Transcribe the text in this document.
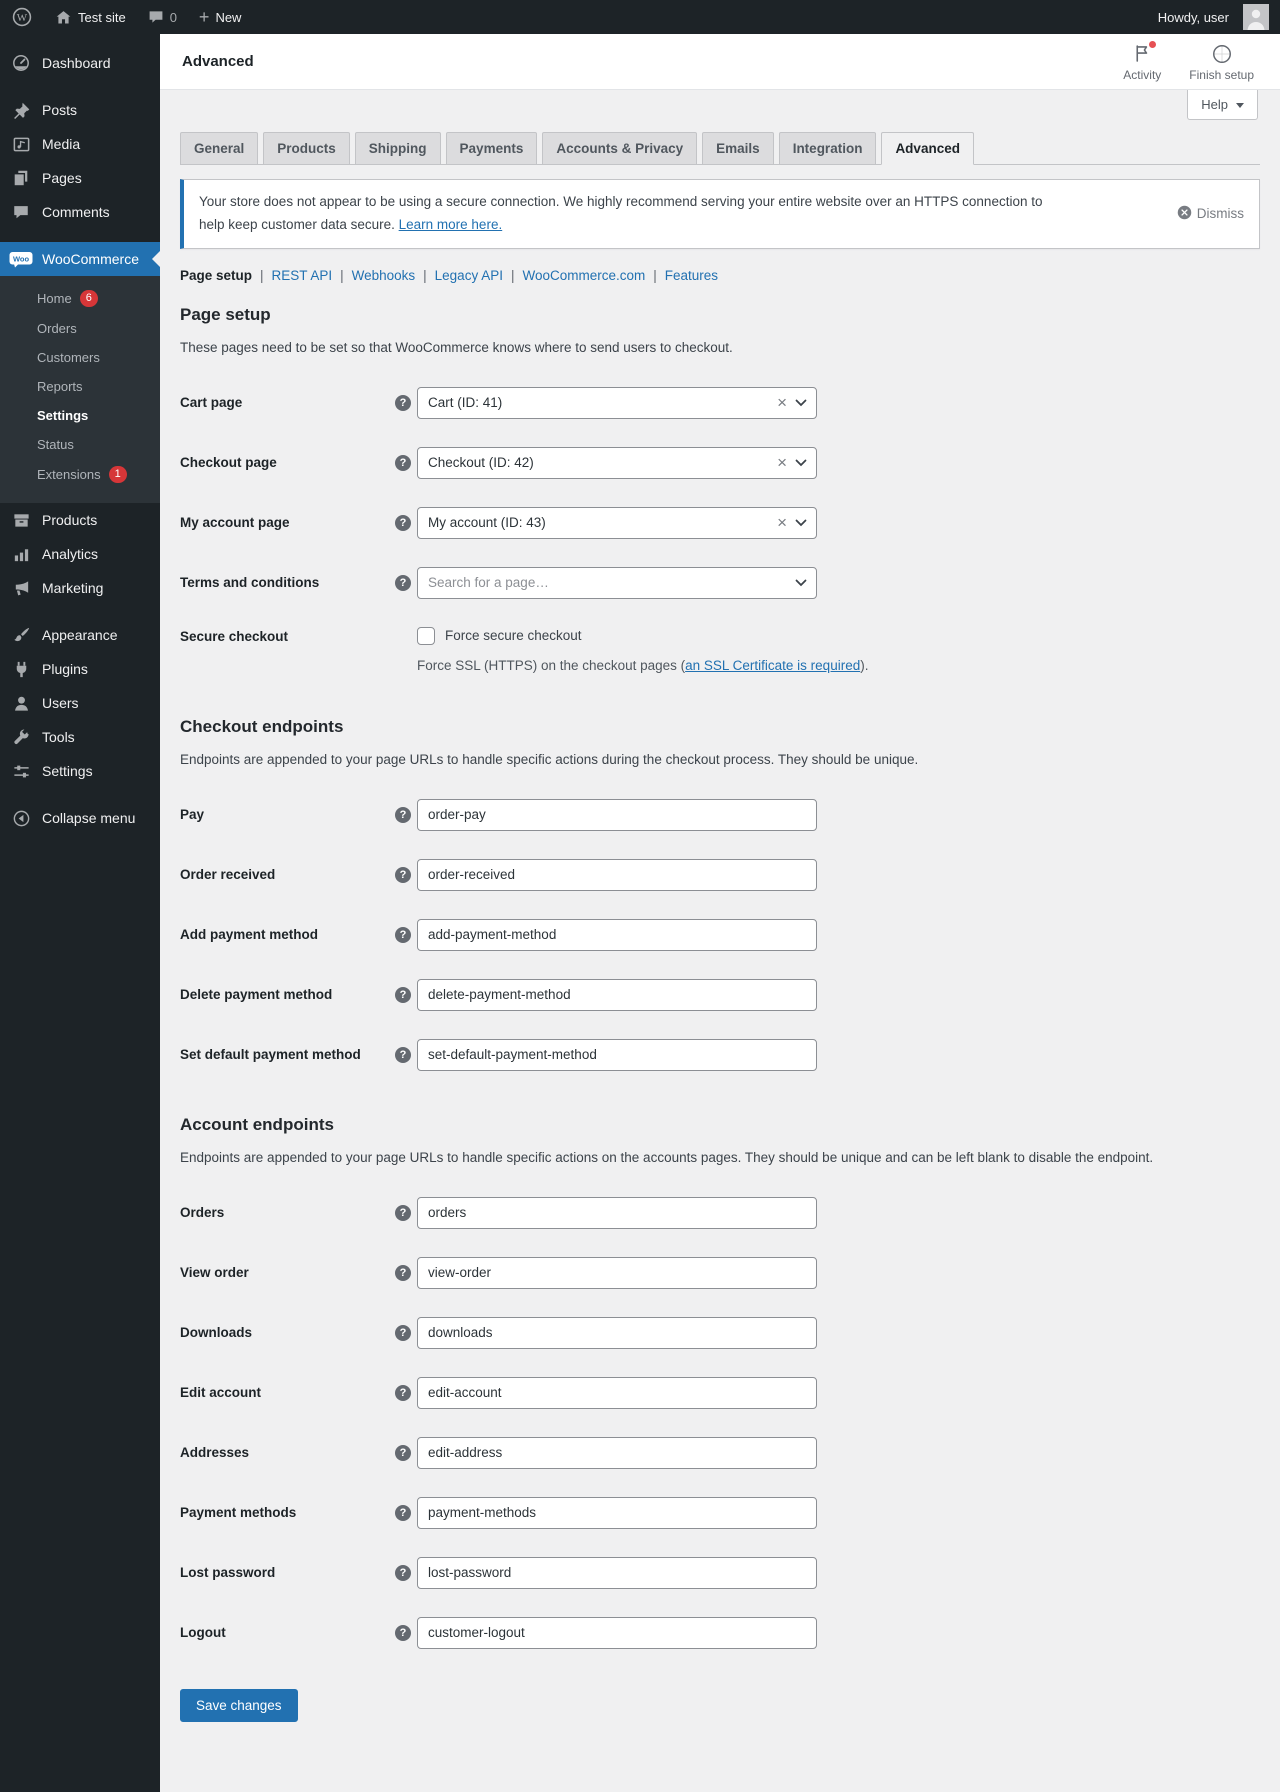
W	Test site	0 + New	Howdy, user
Dashboard
Posts
Media
Pages
Comments
Woo WooCommerce
Home	6
Orders
Customers
Reports
Settings
Status
Extensions	1
Products
Analytics
Marketing
Appearance
Plugins
Users
Tools
Settings
Collapse menu
Advanced
Activity Finish setup
Help
General	Products	Shipping	Payments	Accounts & Privacy	Emails	Integration	Advanced
Your store does not appear to be using a secure connection. We highly recommend serving your entire website over an HTTPS connection to help keep customer data secure. Learn more here.
Dismiss
Page setup | REST API | Webhooks | Legacy API | WooCommerce.com | Features
Page setup

These pages need to be set so that WooCommerce knows where to send users to checkout.

Cart page	?	Cart (ID: 41)	×
Checkout page	?	Checkout (ID: 42)	×
My account page	?	My account (ID: 43)	×
Terms and conditions	?	Search for a page…
Secure checkout	Force secure checkout

Force SSL (HTTPS) on the checkout pages (an SSL Certificate is required).

Checkout endpoints

Endpoints are appended to your page URLs to handle specific actions during the checkout process. They should be unique.

Pay	?
order-pay
Order received	?
order-received
Add payment method	?
add-payment-method
Delete payment method	?
delete-payment-method
Set default payment method	?
set-default-payment-method
Account endpoints

Endpoints are appended to your page URLs to handle specific actions on the accounts pages. They should be unique and can be left blank to disable the endpoint.

Orders	?
orders
View order	?
view-order
Downloads	?
downloads
Edit account	?
edit-account
Addresses	?
edit-address
Payment methods	?
payment-methods
Lost password	?
lost-password
Logout	?
customer-logout
Save changes
